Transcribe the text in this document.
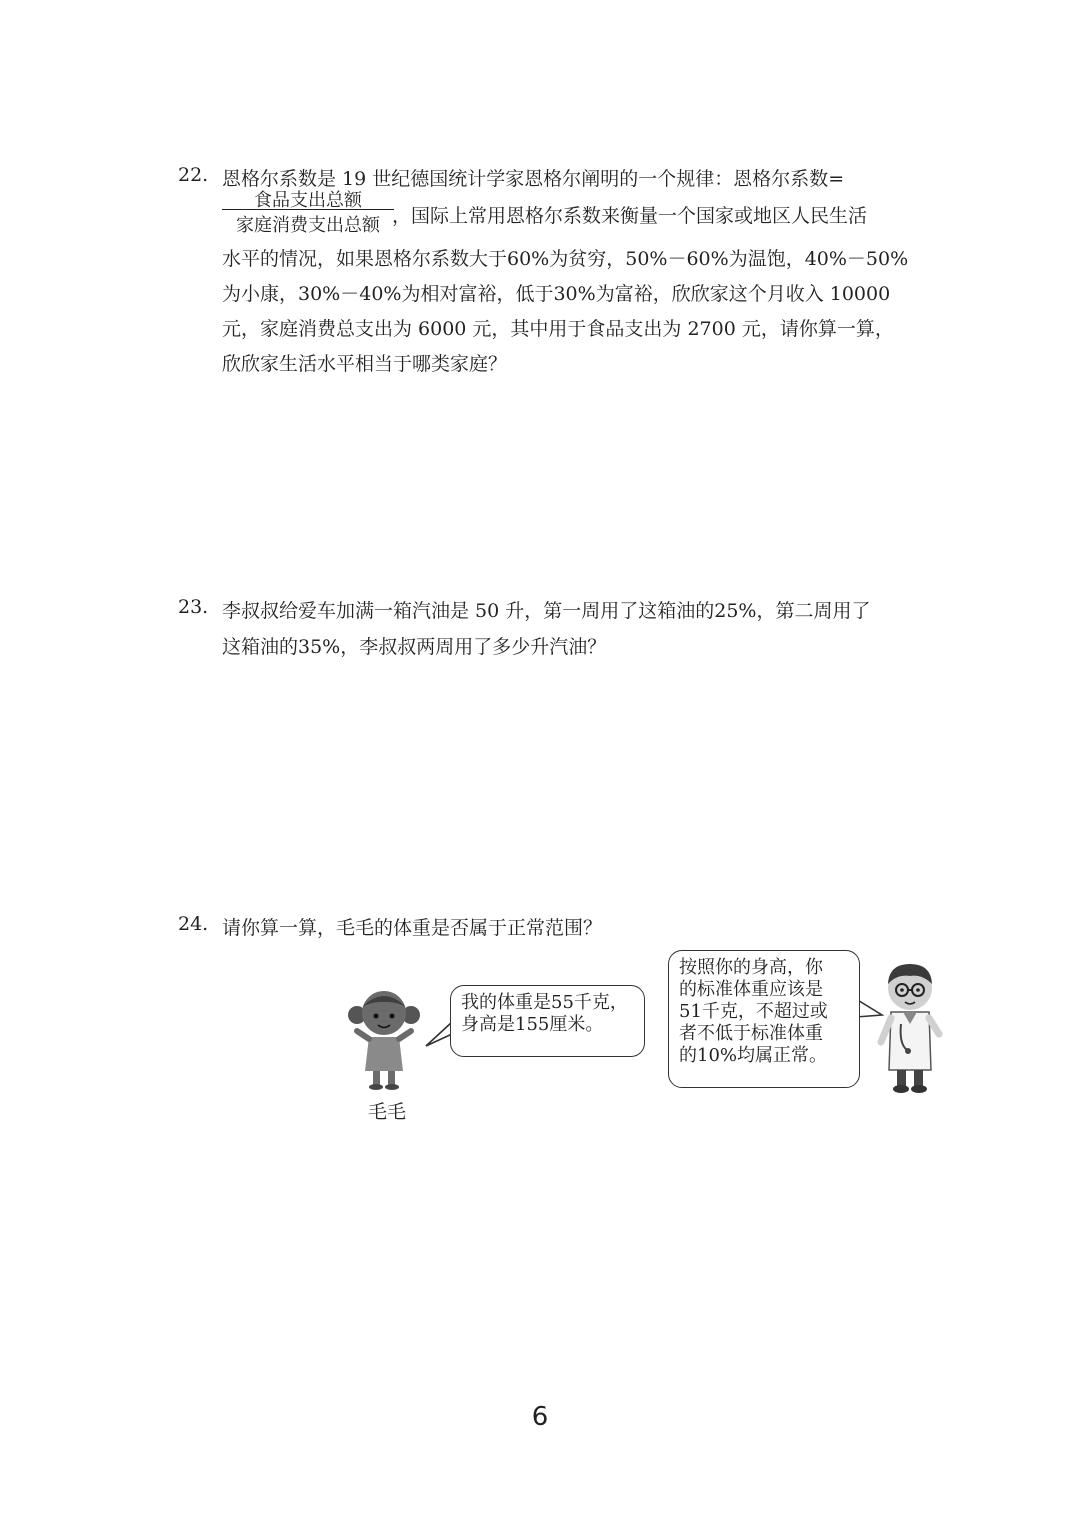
22. 恩格尔系数是 19 世纪德国统计学家恩格尔阐明的一个规律：恩格尔系数=
食品支出总额
家庭消费支出总额 ，国际上常用恩格尔系数来衡量一个国家或地区人民生活
水平的情况，如果恩格尔系数大于60%为贫穷，50%－60%为温饱，40%－50%
为小康，30%－40%为相对富裕，低于30%为富裕，欣欣家这个月收入 10000
元，家庭消费总支出为 6000 元，其中用于食品支出为 2700 元，请你算一算，
欣欣家生活水平相当于哪类家庭？
23. 李叔叔给爱车加满一箱汽油是 50 升，第一周用了这箱油的25%，第二周用了
这箱油的35%，李叔叔两周用了多少升汽油？
24. 请你算一算，毛毛的体重是否属于正常范围？
毛毛
我的体重是55千克，
身高是155厘米。
按照你的身高，你
的标准体重应该是
51千克，不超过或
者不低于标准体重
的10%均属正常。
6
